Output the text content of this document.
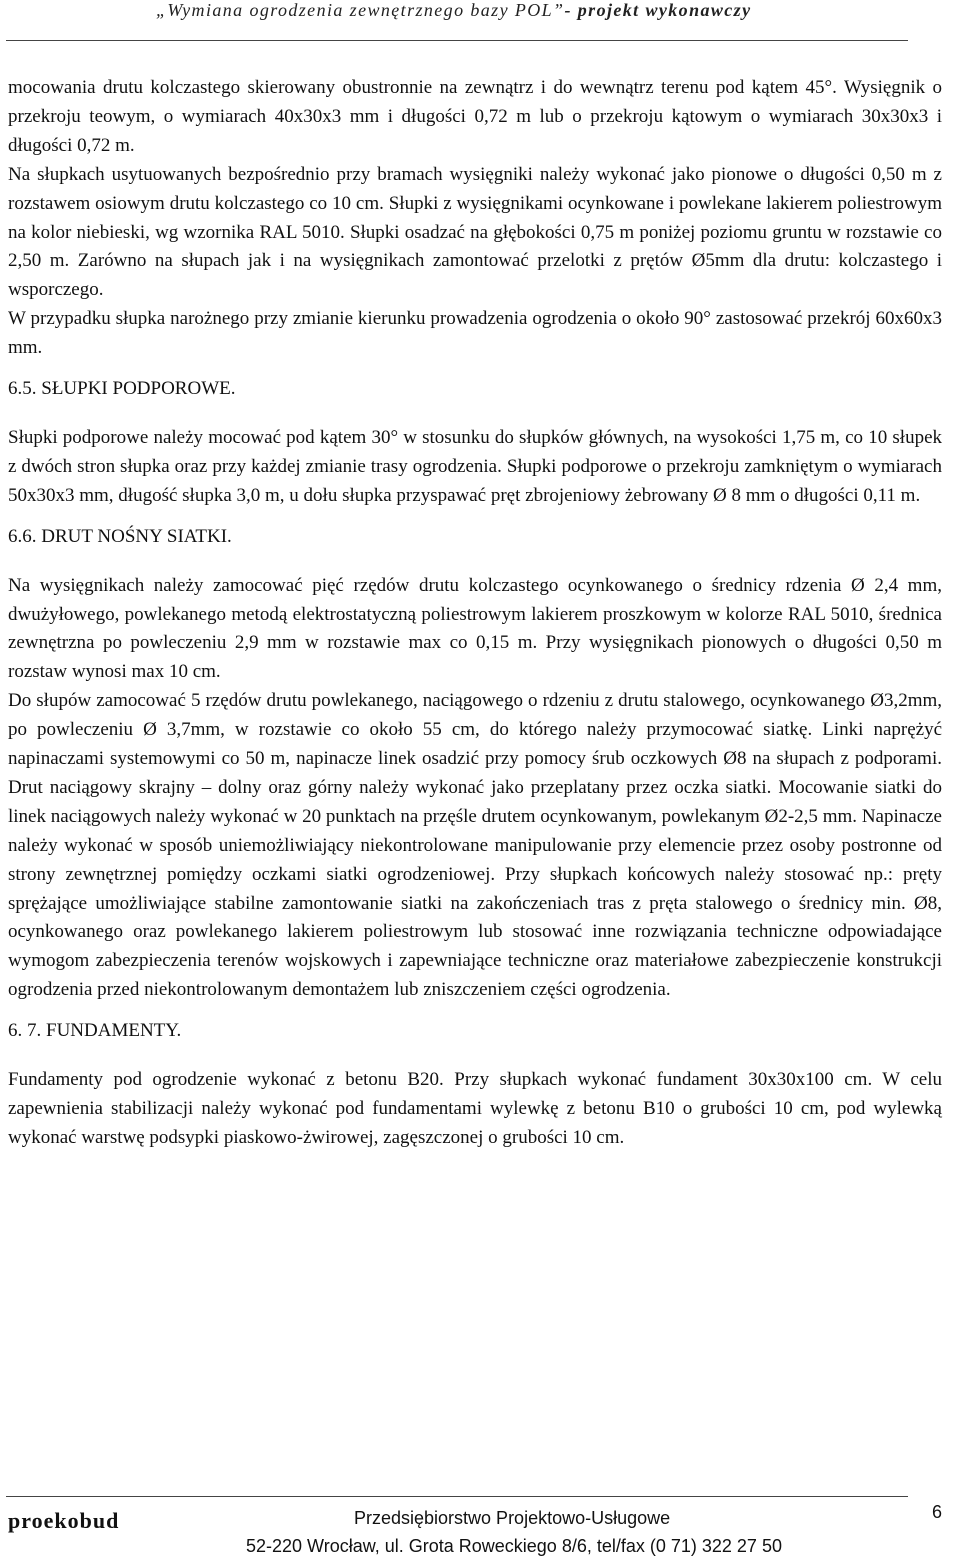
„Wymiana ogrodzenia zewnętrznego bazy POL”- projekt wykonawczy

mocowania drutu kolczastego skierowany obustronnie na zewnątrz i do wewnątrz terenu pod kątem 45°. Wysięgnik o przekroju teowym, o wymiarach 40x30x3 mm i długości 0,72 m lub o przekroju kątowym o wymiarach 30x30x3 i długości 0,72 m.

Na słupkach usytuowanych bezpośrednio przy bramach wysięgniki należy wykonać jako pionowe o długości 0,50 m z rozstawem osiowym drutu kolczastego co 10 cm. Słupki z wysięgnikami ocynkowane i powlekane lakierem poliestrowym na kolor niebieski, wg wzornika RAL 5010. Słupki osadzać na głębokości 0,75 m poniżej poziomu gruntu w rozstawie co 2,50 m. Zarówno na słupach jak i na wysięgnikach zamontować przelotki z prętów Ø5mm dla drutu: kolczastego i wsporczego.

W przypadku słupka narożnego przy zmianie kierunku prowadzenia ogrodzenia o około 90° zastosować przekrój 60x60x3 mm.

6.5. SŁUPKI PODPOROWE.

Słupki podporowe należy mocować pod kątem 30° w stosunku do słupków głównych, na wysokości 1,75 m, co 10 słupek z dwóch stron słupka oraz przy każdej zmianie trasy ogrodzenia. Słupki podporowe o przekroju zamkniętym o wymiarach 50x30x3 mm, długość słupka 3,0 m, u dołu słupka przyspawać pręt zbrojeniowy żebrowany Ø 8 mm o długości 0,11 m.

6.6. DRUT NOŚNY SIATKI.

Na wysięgnikach należy zamocować pięć rzędów drutu kolczastego ocynkowanego o średnicy rdzenia Ø 2,4 mm, dwużyłowego, powlekanego metodą elektrostatyczną poliestrowym lakierem proszkowym w kolorze RAL 5010, średnica zewnętrzna po powleczeniu 2,9 mm w rozstawie max co 0,15 m. Przy wysięgnikach pionowych o długości 0,50 m rozstaw wynosi max 10 cm.

Do słupów zamocować 5 rzędów drutu powlekanego, naciągowego o rdzeniu z drutu stalowego, ocynkowanego Ø3,2mm, po powleczeniu Ø 3,7mm, w rozstawie co około 55 cm, do którego należy przymocować siatkę. Linki naprężyć napinaczami systemowymi co 50 m, napinacze linek osadzić przy pomocy śrub oczkowych Ø8 na słupach z podporami. Drut naciągowy skrajny – dolny oraz górny należy wykonać jako przeplatany przez oczka siatki. Mocowanie siatki do linek naciągowych należy wykonać w 20 punktach na przęśle drutem ocynkowanym, powlekanym Ø2-2,5 mm. Napinacze należy wykonać w sposób uniemożliwiający niekontrolowane manipulowanie przy elemencie przez osoby postronne od strony zewnętrznej pomiędzy oczkami siatki ogrodzeniowej. Przy słupkach końcowych należy stosować np.: pręty sprężające umożliwiające stabilne zamontowanie siatki na zakończeniach tras z pręta stalowego o średnicy min. Ø8, ocynkowanego oraz powlekanego lakierem poliestrowym lub stosować inne rozwiązania techniczne odpowiadające wymogom zabezpieczenia terenów wojskowych i zapewniające techniczne oraz materiałowe zabezpieczenie konstrukcji ogrodzenia przed niekontrolowanym demontażem lub zniszczeniem części ogrodzenia.

6. 7. FUNDAMENTY.

Fundamenty pod ogrodzenie wykonać z betonu B20. Przy słupkach wykonać fundament 30x30x100 cm. W celu zapewnienia stabilizacji należy wykonać pod fundamentami wylewkę z betonu B10 o grubości 10 cm, pod wylewką wykonać warstwę podsypki piaskowo-żwirowej, zagęszczonej o grubości 10 cm.

proekobud	Przedsiębiorstwo Projektowo-Usługowe
52-220 Wrocław, ul. Grota Roweckiego 8/6, tel/fax (0 71) 322 27 50
6
